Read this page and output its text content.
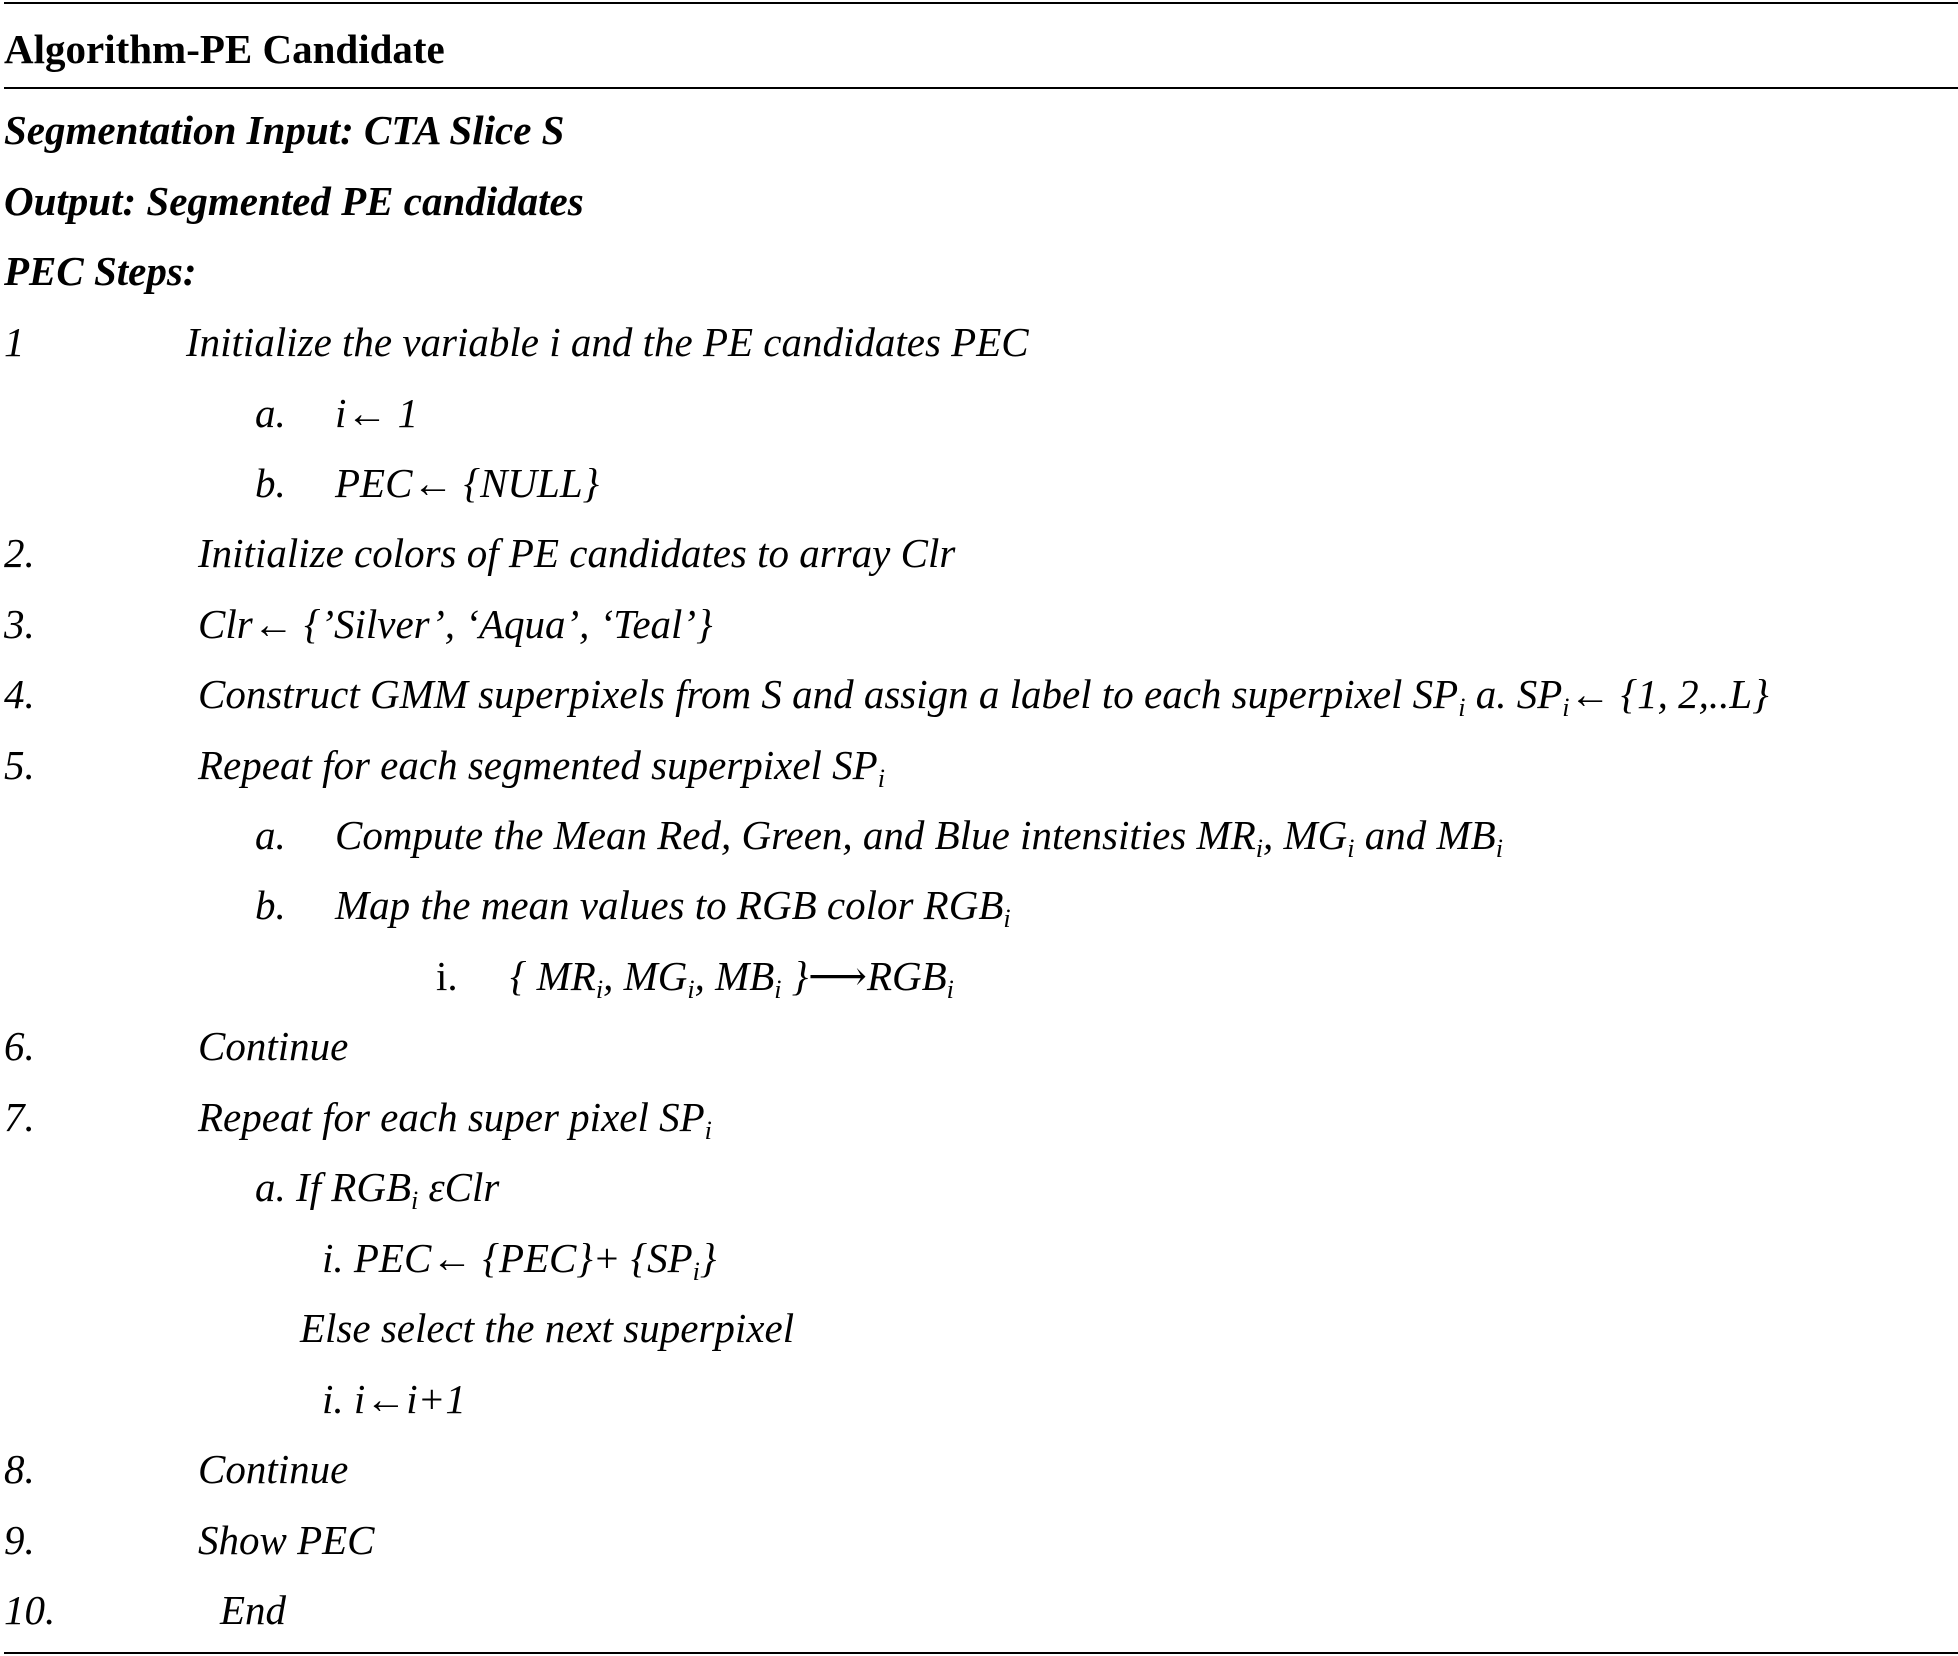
Algorithm-PE Candidate
Segmentation Input: CTA Slice S
Output: Segmented PE candidates
PEC Steps:
1	Initialize the variable i and the PE candidates PEC
a. i← 1
b. PEC← {NULL}
2.	Initialize colors of PE candidates to array Clr
3.	Clr← {’Silver’, ‘Aqua’, ‘Teal’}
4.	Construct GMM superpixels from S and assign a label to each superpixel $SP_i$ a. $SP_i\leftarrow$ {1, 2,..L}
5.	Repeat for each segmented superpixel $SP_i$
a. Compute the Mean Red, Green, and Blue intensities $MR_i$, $MG_i$ and $MB_i$
b. Map the mean values to RGB color $RGB_i$
i. { $MR_i$, $MG_i$, $MB_i$ }$⟶RGB_i$
6.	Continue
7.	Repeat for each super pixel $SP_i$
a. If $RGB_i$ εClr
i. PEC← $\{PEC\}+ \{SP_i\}$
Else select the next superpixel
i. i←i+1
8.	Continue
9.	Show PEC
10.	End
